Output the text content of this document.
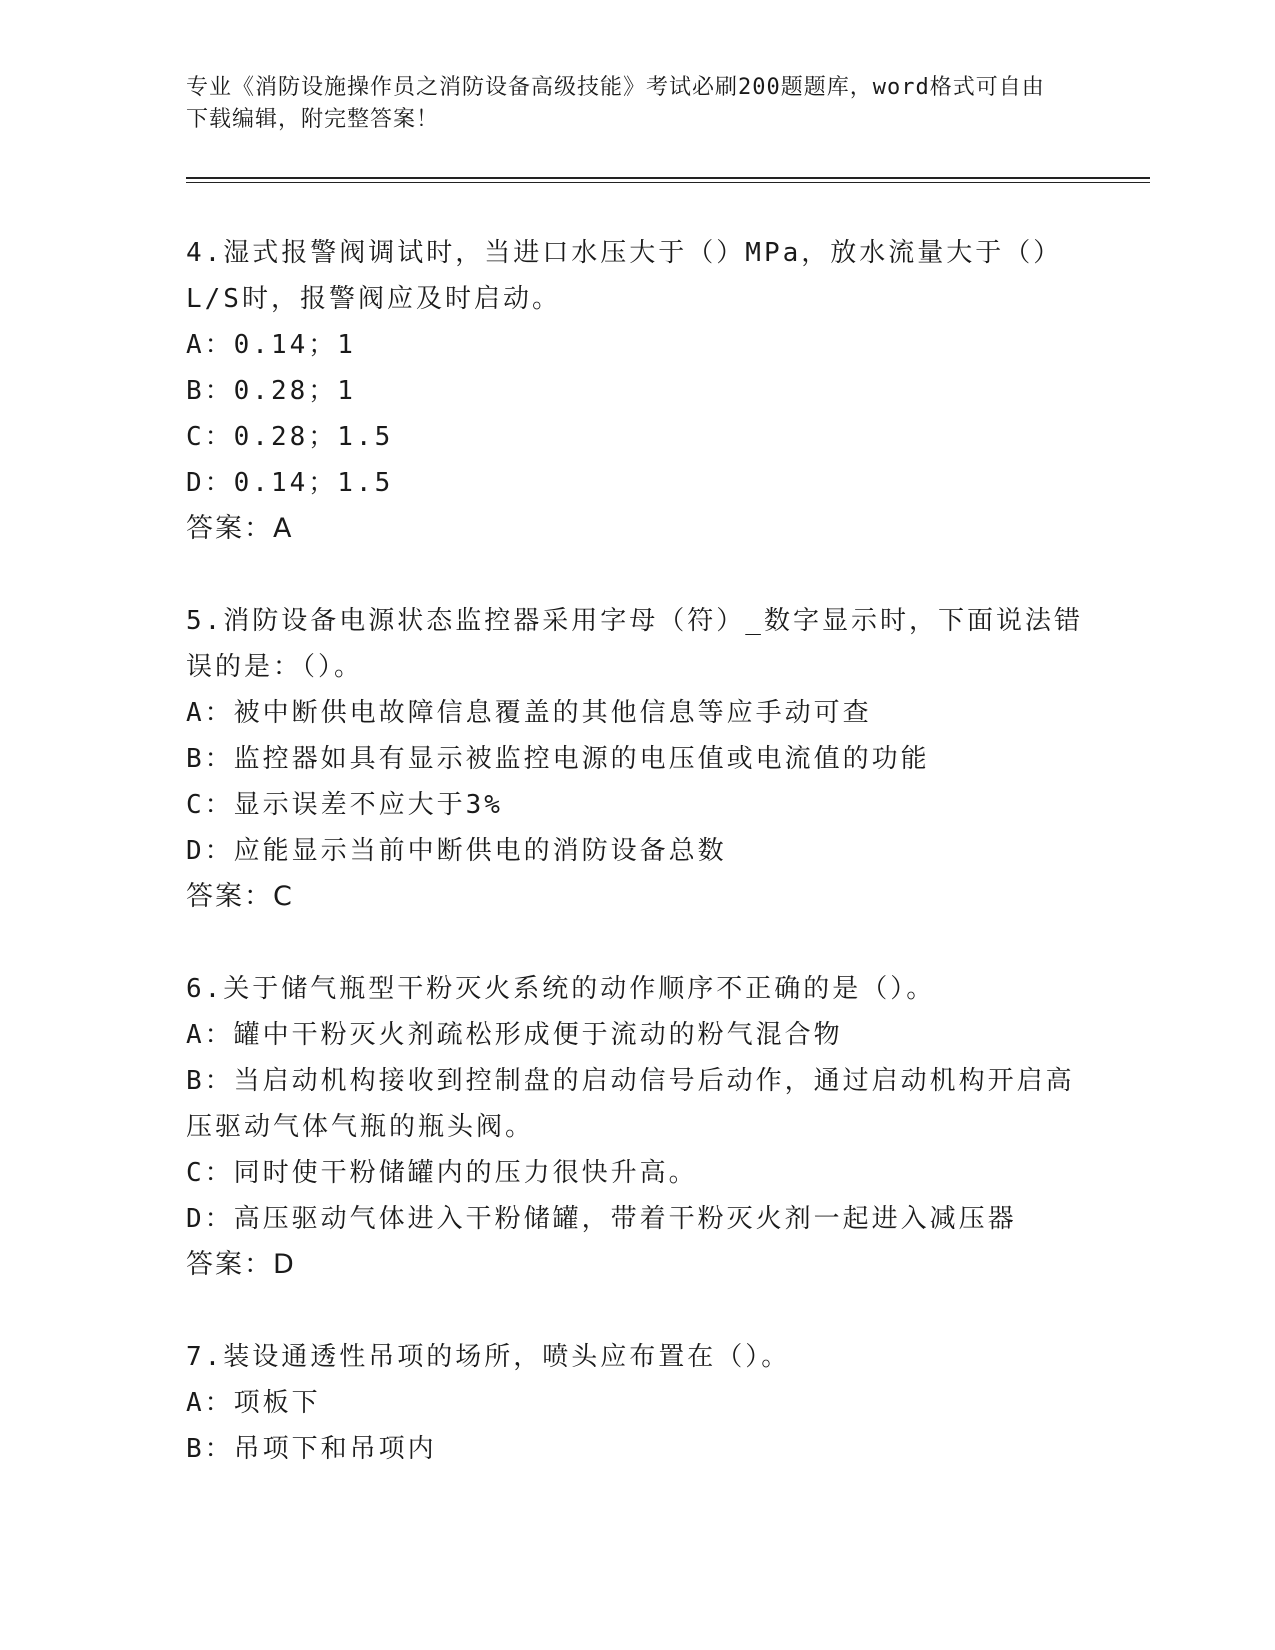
专业《消防设施操作员之消防设备高级技能》考试必刷200题题库，word格式可自由下载编辑，附完整答案！

4.湿式报警阀调试时，当进口水压大于（）MPa，放水流量大于（）L/S时，报警阀应及时启动。

A：0.14；1

B：0.28；1

C：0.28；1.5

D：0.14；1.5

答案：A

5.消防设备电源状态监控器采用字母（符）_数字显示时，下面说法错误的是：（）。

A：被中断供电故障信息覆盖的其他信息等应手动可查

B：监控器如具有显示被监控电源的电压值或电流值的功能

C：显示误差不应大于3%

D：应能显示当前中断供电的消防设备总数

答案：C

6.关于储气瓶型干粉灭火系统的动作顺序不正确的是（）。

A：罐中干粉灭火剂疏松形成便于流动的粉气混合物

B：当启动机构接收到控制盘的启动信号后动作，通过启动机构开启高压驱动气体气瓶的瓶头阀。

C：同时使干粉储罐内的压力很快升高。

D：高压驱动气体进入干粉储罐，带着干粉灭火剂一起进入减压器

答案：D

7.装设通透性吊项的场所，喷头应布置在（）。

A：项板下

B：吊项下和吊项内
